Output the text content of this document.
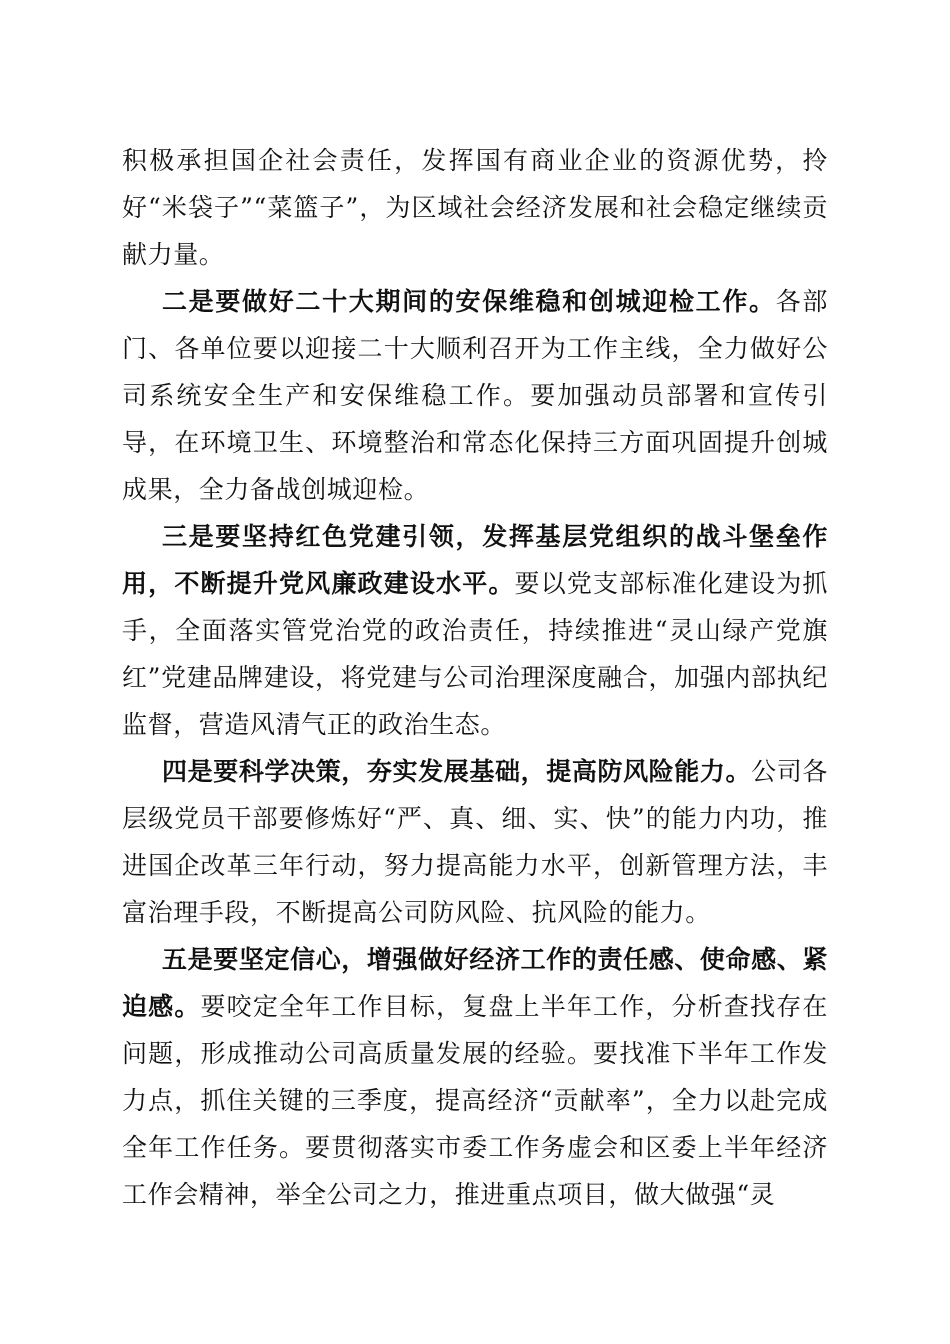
积极承担国企社会责任，发挥国有商业企业的资源优势，拎好“米袋子”“菜篮子”，为区域社会经济发展和社会稳定继续贡献力量。

二是要做好二十大期间的安保维稳和创城迎检工作。各部门、各单位要以迎接二十大顺利召开为工作主线，全力做好公司系统安全生产和安保维稳工作。要加强动员部署和宣传引导，在环境卫生、环境整治和常态化保持三方面巩固提升创城成果，全力备战创城迎检。

三是要坚持红色党建引领，发挥基层党组织的战斗堡垒作用，不断提升党风廉政建设水平。要以党支部标准化建设为抓手，全面落实管党治党的政治责任，持续推进“灵山绿产党旗红”党建品牌建设，将党建与公司治理深度融合，加强内部执纪监督，营造风清气正的政治生态。

四是要科学决策，夯实发展基础，提高防风险能力。公司各层级党员干部要修炼好“严、真、细、实、快”的能力内功，推进国企改革三年行动，努力提高能力水平，创新管理方法，丰富治理手段，不断提高公司防风险、抗风险的能力。

五是要坚定信心，增强做好经济工作的责任感、使命感、紧迫感。要咬定全年工作目标，复盘上半年工作，分析查找存在问题，形成推动公司高质量发展的经验。要找准下半年工作发力点，抓住关键的三季度，提高经济“贡献率”，全力以赴完成全年工作任务。要贯彻落实市委工作务虚会和区委上半年经济工作会精神，举全公司之力，推进重点项目，做大做强“灵
